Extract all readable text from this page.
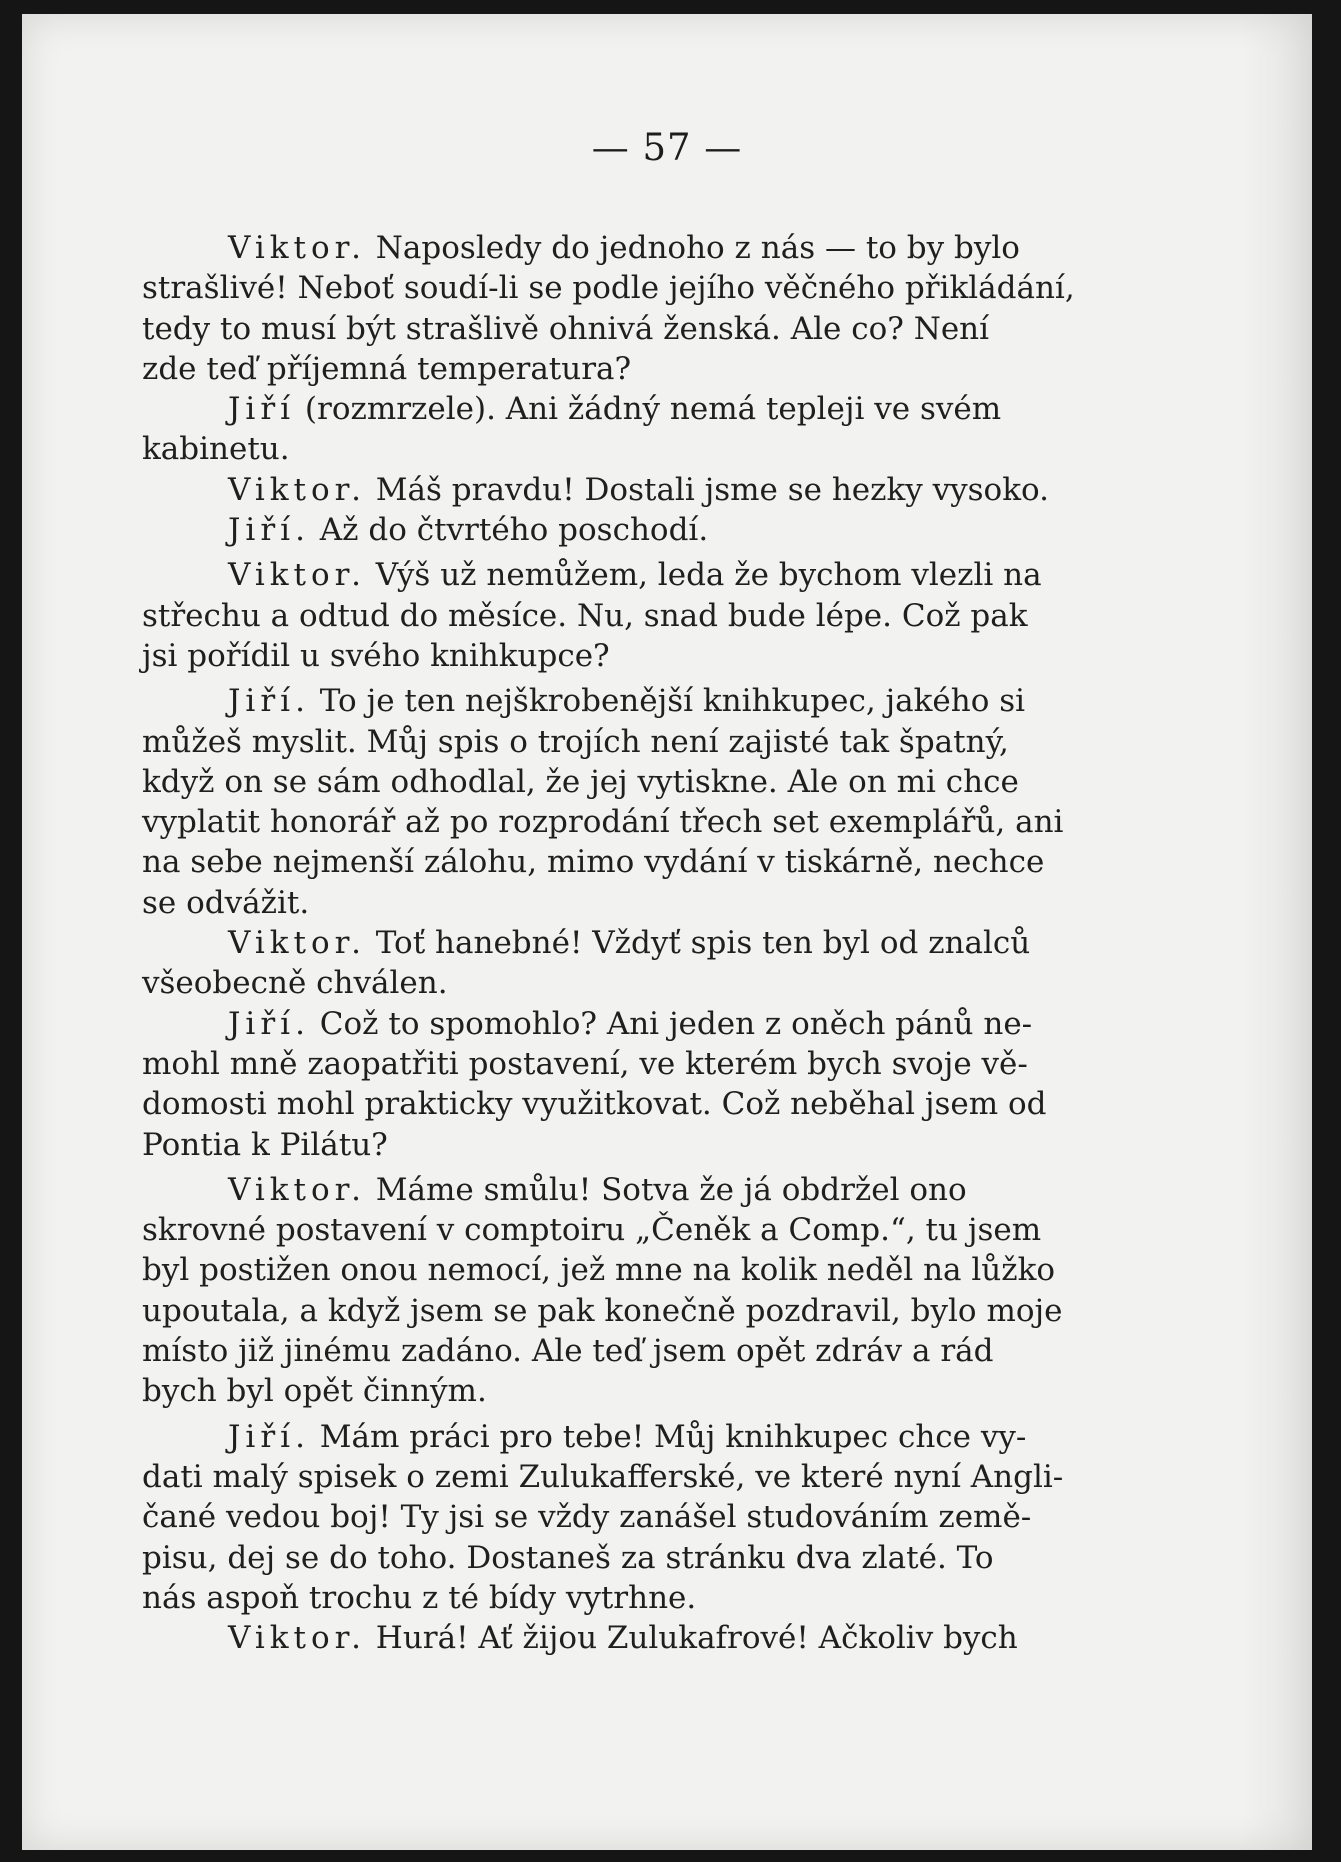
— 57 —
Viktor. Naposledy do jednoho z nás — to by bylo
strašlivé! Neboť soudí-li se podle jejího věčného přikládání,
tedy to musí být strašlivě ohnivá ženská. Ale co? Není
zde teď příjemná temperatura?
Jiří (rozmrzele). Ani žádný nemá tepleji ve svém
kabinetu.
Viktor. Máš pravdu! Dostali jsme se hezky vysoko.
Jiří. Až do čtvrtého poschodí.
Viktor. Výš už nemůžem, leda že bychom vlezli na
střechu a odtud do měsíce. Nu, snad bude lépe. Což pak
jsi pořídil u svého knihkupce?
Jiří. To je ten nejškrobenější knihkupec, jakého si
můžeš myslit. Můj spis o trojích není zajisté tak špatný,
když on se sám odhodlal, že jej vytiskne. Ale on mi chce
vyplatit honorář až po rozprodání třech set exemplářů, ani
na sebe nejmenší zálohu, mimo vydání v tiskárně, nechce
se odvážit.
Viktor. Toť hanebné! Vždyť spis ten byl od znalců
všeobecně chválen.
Jiří. Což to spomohlo? Ani jeden z oněch pánů ne-
mohl mně zaopatřiti postavení, ve kterém bych svoje vě-
domosti mohl prakticky využitkovat. Což neběhal jsem od
Pontia k Pilátu?
Viktor. Máme smůlu! Sotva že já obdržel ono
skrovné postavení v comptoiru „Čeněk a Comp.“, tu jsem
byl postižen onou nemocí, jež mne na kolik neděl na lůžko
upoutala, a když jsem se pak konečně pozdravil, bylo moje
místo již jinému zadáno. Ale teď jsem opět zdráv a rád
bych byl opět činným.
Jiří. Mám práci pro tebe! Můj knihkupec chce vy-
dati malý spisek o zemi Zulukafferské, ve které nyní Angli-
čané vedou boj! Ty jsi se vždy zanášel studováním země-
pisu, dej se do toho. Dostaneš za stránku dva zlaté. To
nás aspoň trochu z té bídy vytrhne.
Viktor. Hurá! Ať žijou Zulukafrové! Ačkoliv bych
